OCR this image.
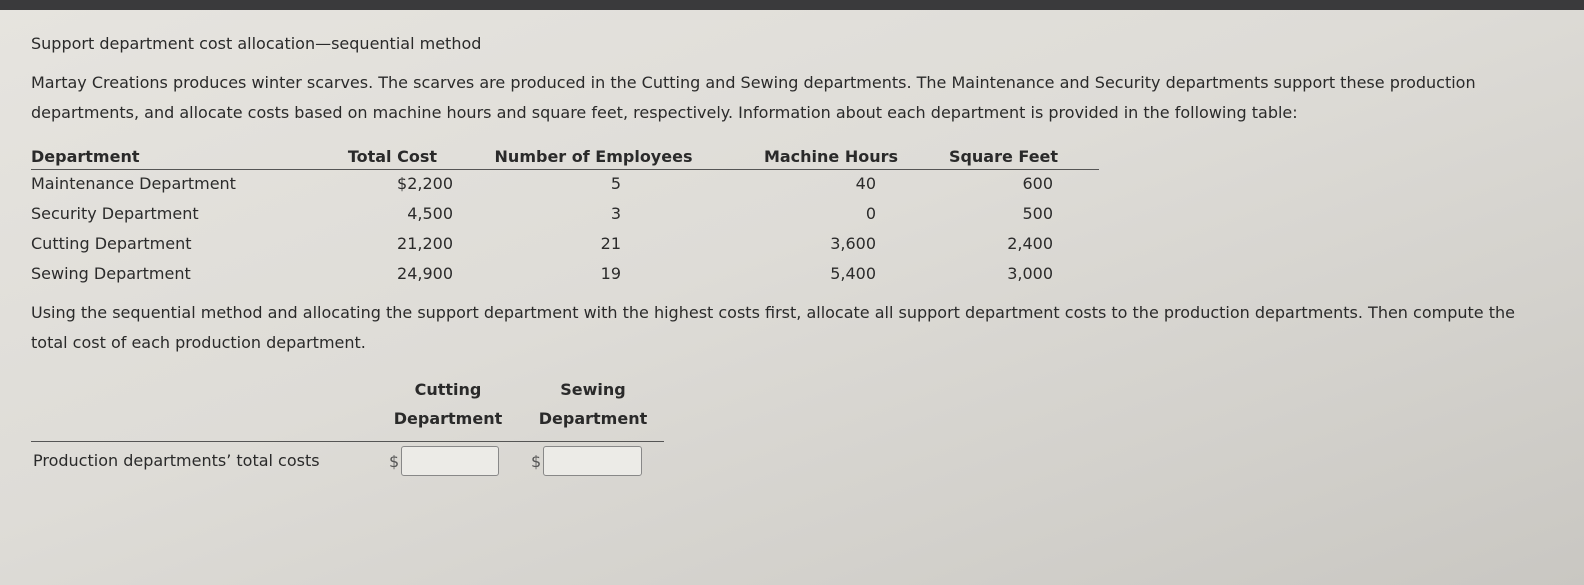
Support department cost allocation—sequential method
Martay Creations produces winter scarves. The scarves are produced in the Cutting and Sewing departments. The Maintenance and Security departments support these production departments, and allocate costs based on machine hours and square feet, respectively. Information about each department is provided in the following table:
Department	Total Cost	Number of Employees	Machine Hours	Square Feet
Maintenance Department	$2,200	5	40	600
Security Department	4,500	3	0	500
Cutting Department	21,200	21	3,600	2,400
Sewing Department	24,900	19	5,400	3,000
Using the sequential method and allocating the support department with the highest costs first, allocate all support department costs to the production departments. Then compute the total cost of each production department.
Cutting
Department
Sewing
Department
Production departments’ total costs	$	$
